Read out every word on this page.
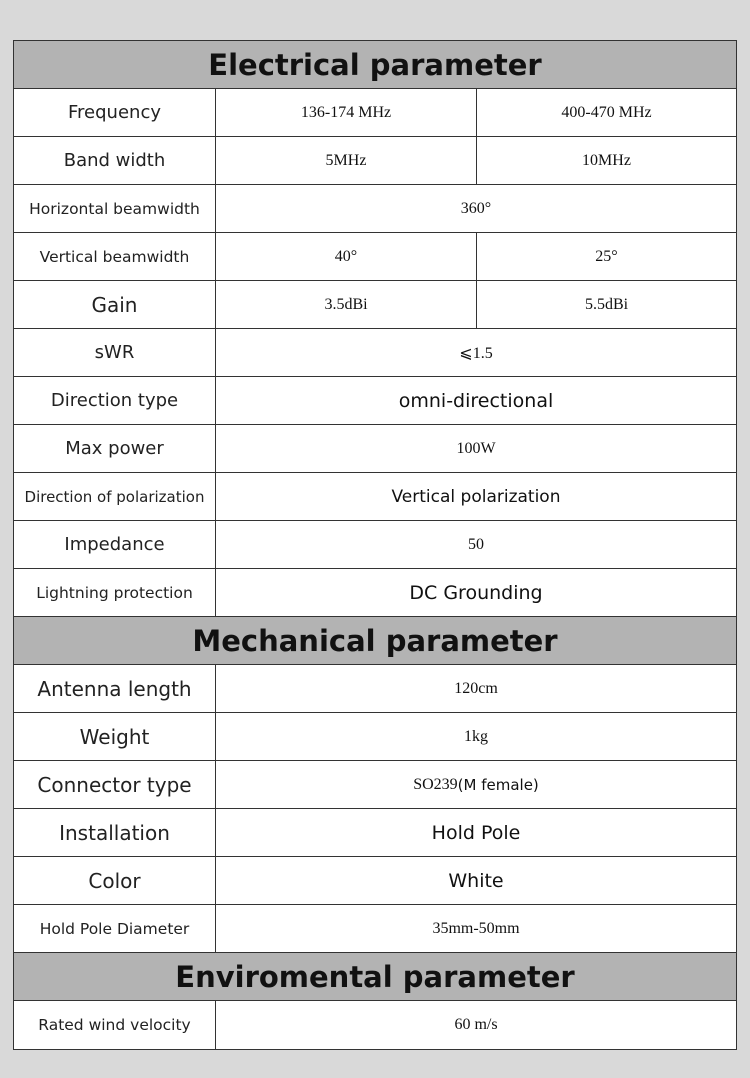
Electrical parameter
Frequency	136-174 MHz	400-470 MHz
Band width	5MHz	10MHz
Horizontal beamwidth	360°
Vertical beamwidth	40°	25°
Gain	3.5dBi	5.5dBi
sWR	⩽1.5
Direction type	omni-directional
Max power	100W
Direction of polarization	Vertical polarization
Impedance	50
Lightning protection	DC Grounding
Mechanical parameter
Antenna length	120cm
Weight	1kg
Connector type	SO239 (M female)
Installation	Hold Pole
Color	White
Hold Pole Diameter	35mm-50mm
Enviromental parameter
Rated wind velocity	60 m/s
